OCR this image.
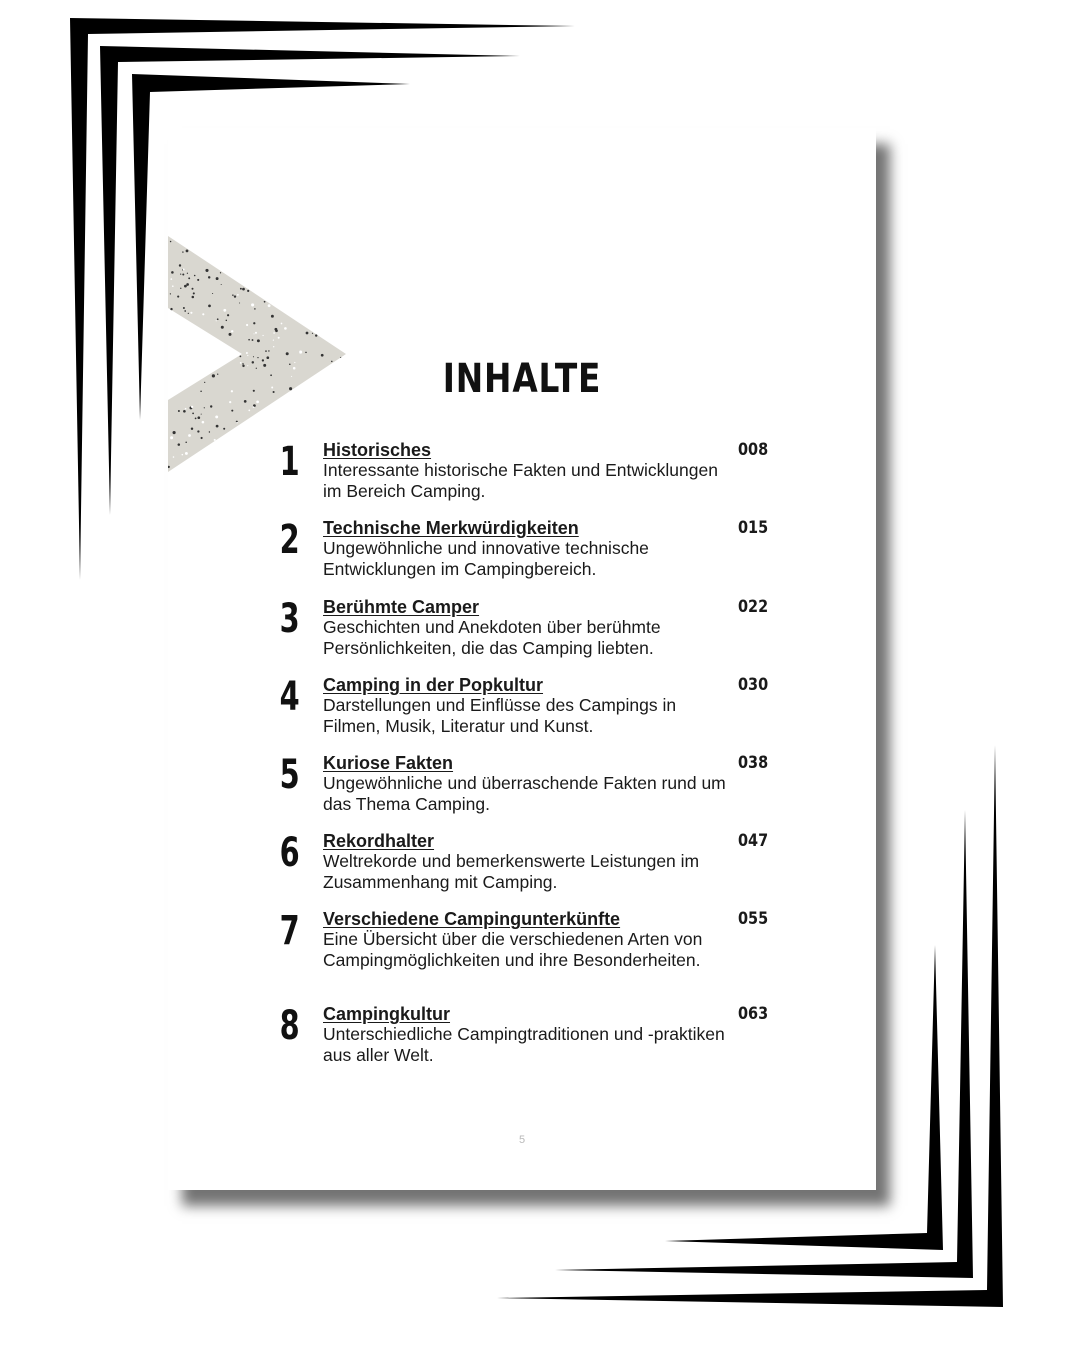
INHALTE
1 Historisches
Interessante historische Fakten und Entwicklungen im Bereich Camping.
008
2 Technische Merkwürdigkeiten
Ungewöhnliche und innovative technische Entwicklungen im Campingbereich.
015
3 Berühmte Camper
Geschichten und Anekdoten über berühmte Persönlichkeiten, die das Camping liebten.
022
4 Camping in der Popkultur
Darstellungen und Einflüsse des Campings in Filmen, Musik, Literatur und Kunst.
030
5 Kuriose Fakten
Ungewöhnliche und überraschende Fakten rund um das Thema Camping.
038
6 Rekordhalter
Weltrekorde und bemerkenswerte Leistungen im Zusammenhang mit Camping.
047
7 Verschiedene Campingunterkünfte
Eine Übersicht über die verschiedenen Arten von Campingmöglichkeiten und ihre Besonderheiten.
055
8 Campingkultur
Unterschiedliche Campingtraditionen und -praktiken aus aller Welt.
063
5
